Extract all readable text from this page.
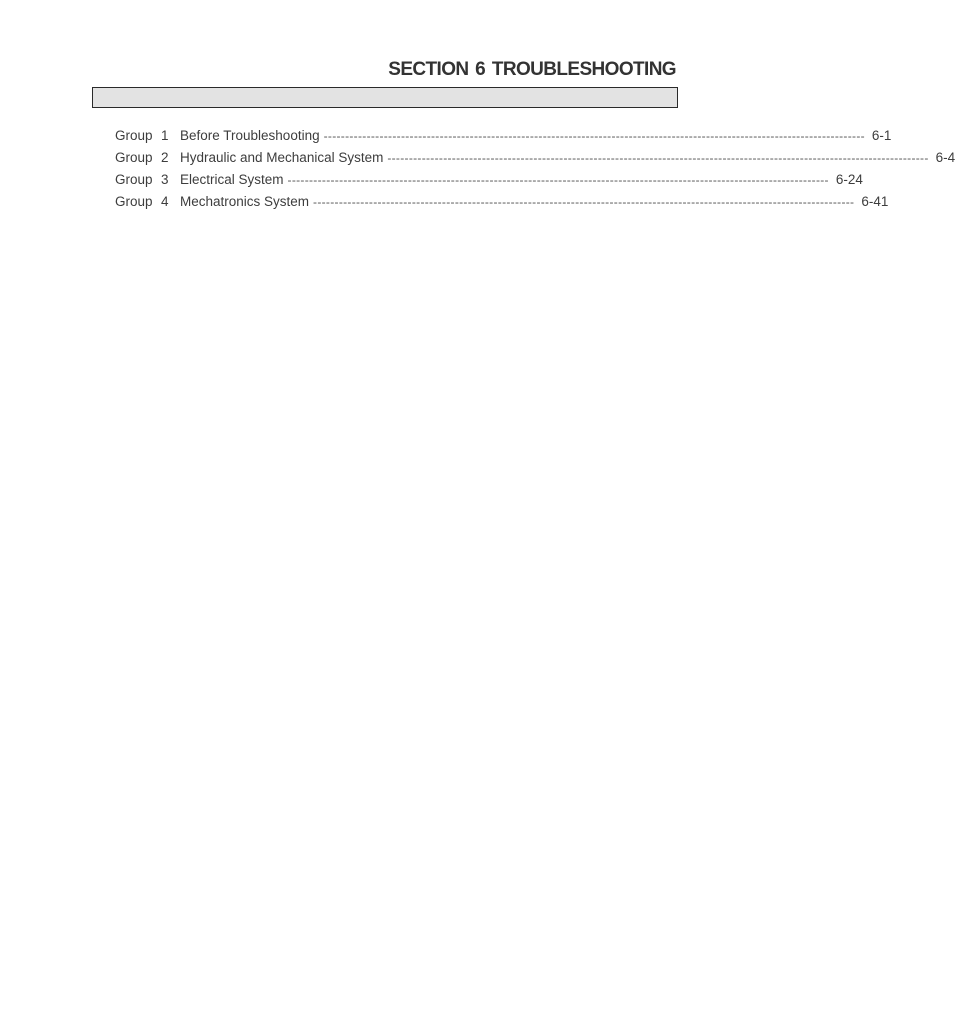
SECTION 6 TROUBLESHOOTING
Group 1 Before Troubleshooting ------------------------------------------------------------------------------------------------------------------------------ 6-1
Group 2 Hydraulic and Mechanical System ------------------------------------------------------------------------------------------------------------------------------ 6-4
Group 3 Electrical System ------------------------------------------------------------------------------------------------------------------------------ 6-24
Group 4 Mechatronics System ------------------------------------------------------------------------------------------------------------------------------ 6-41
